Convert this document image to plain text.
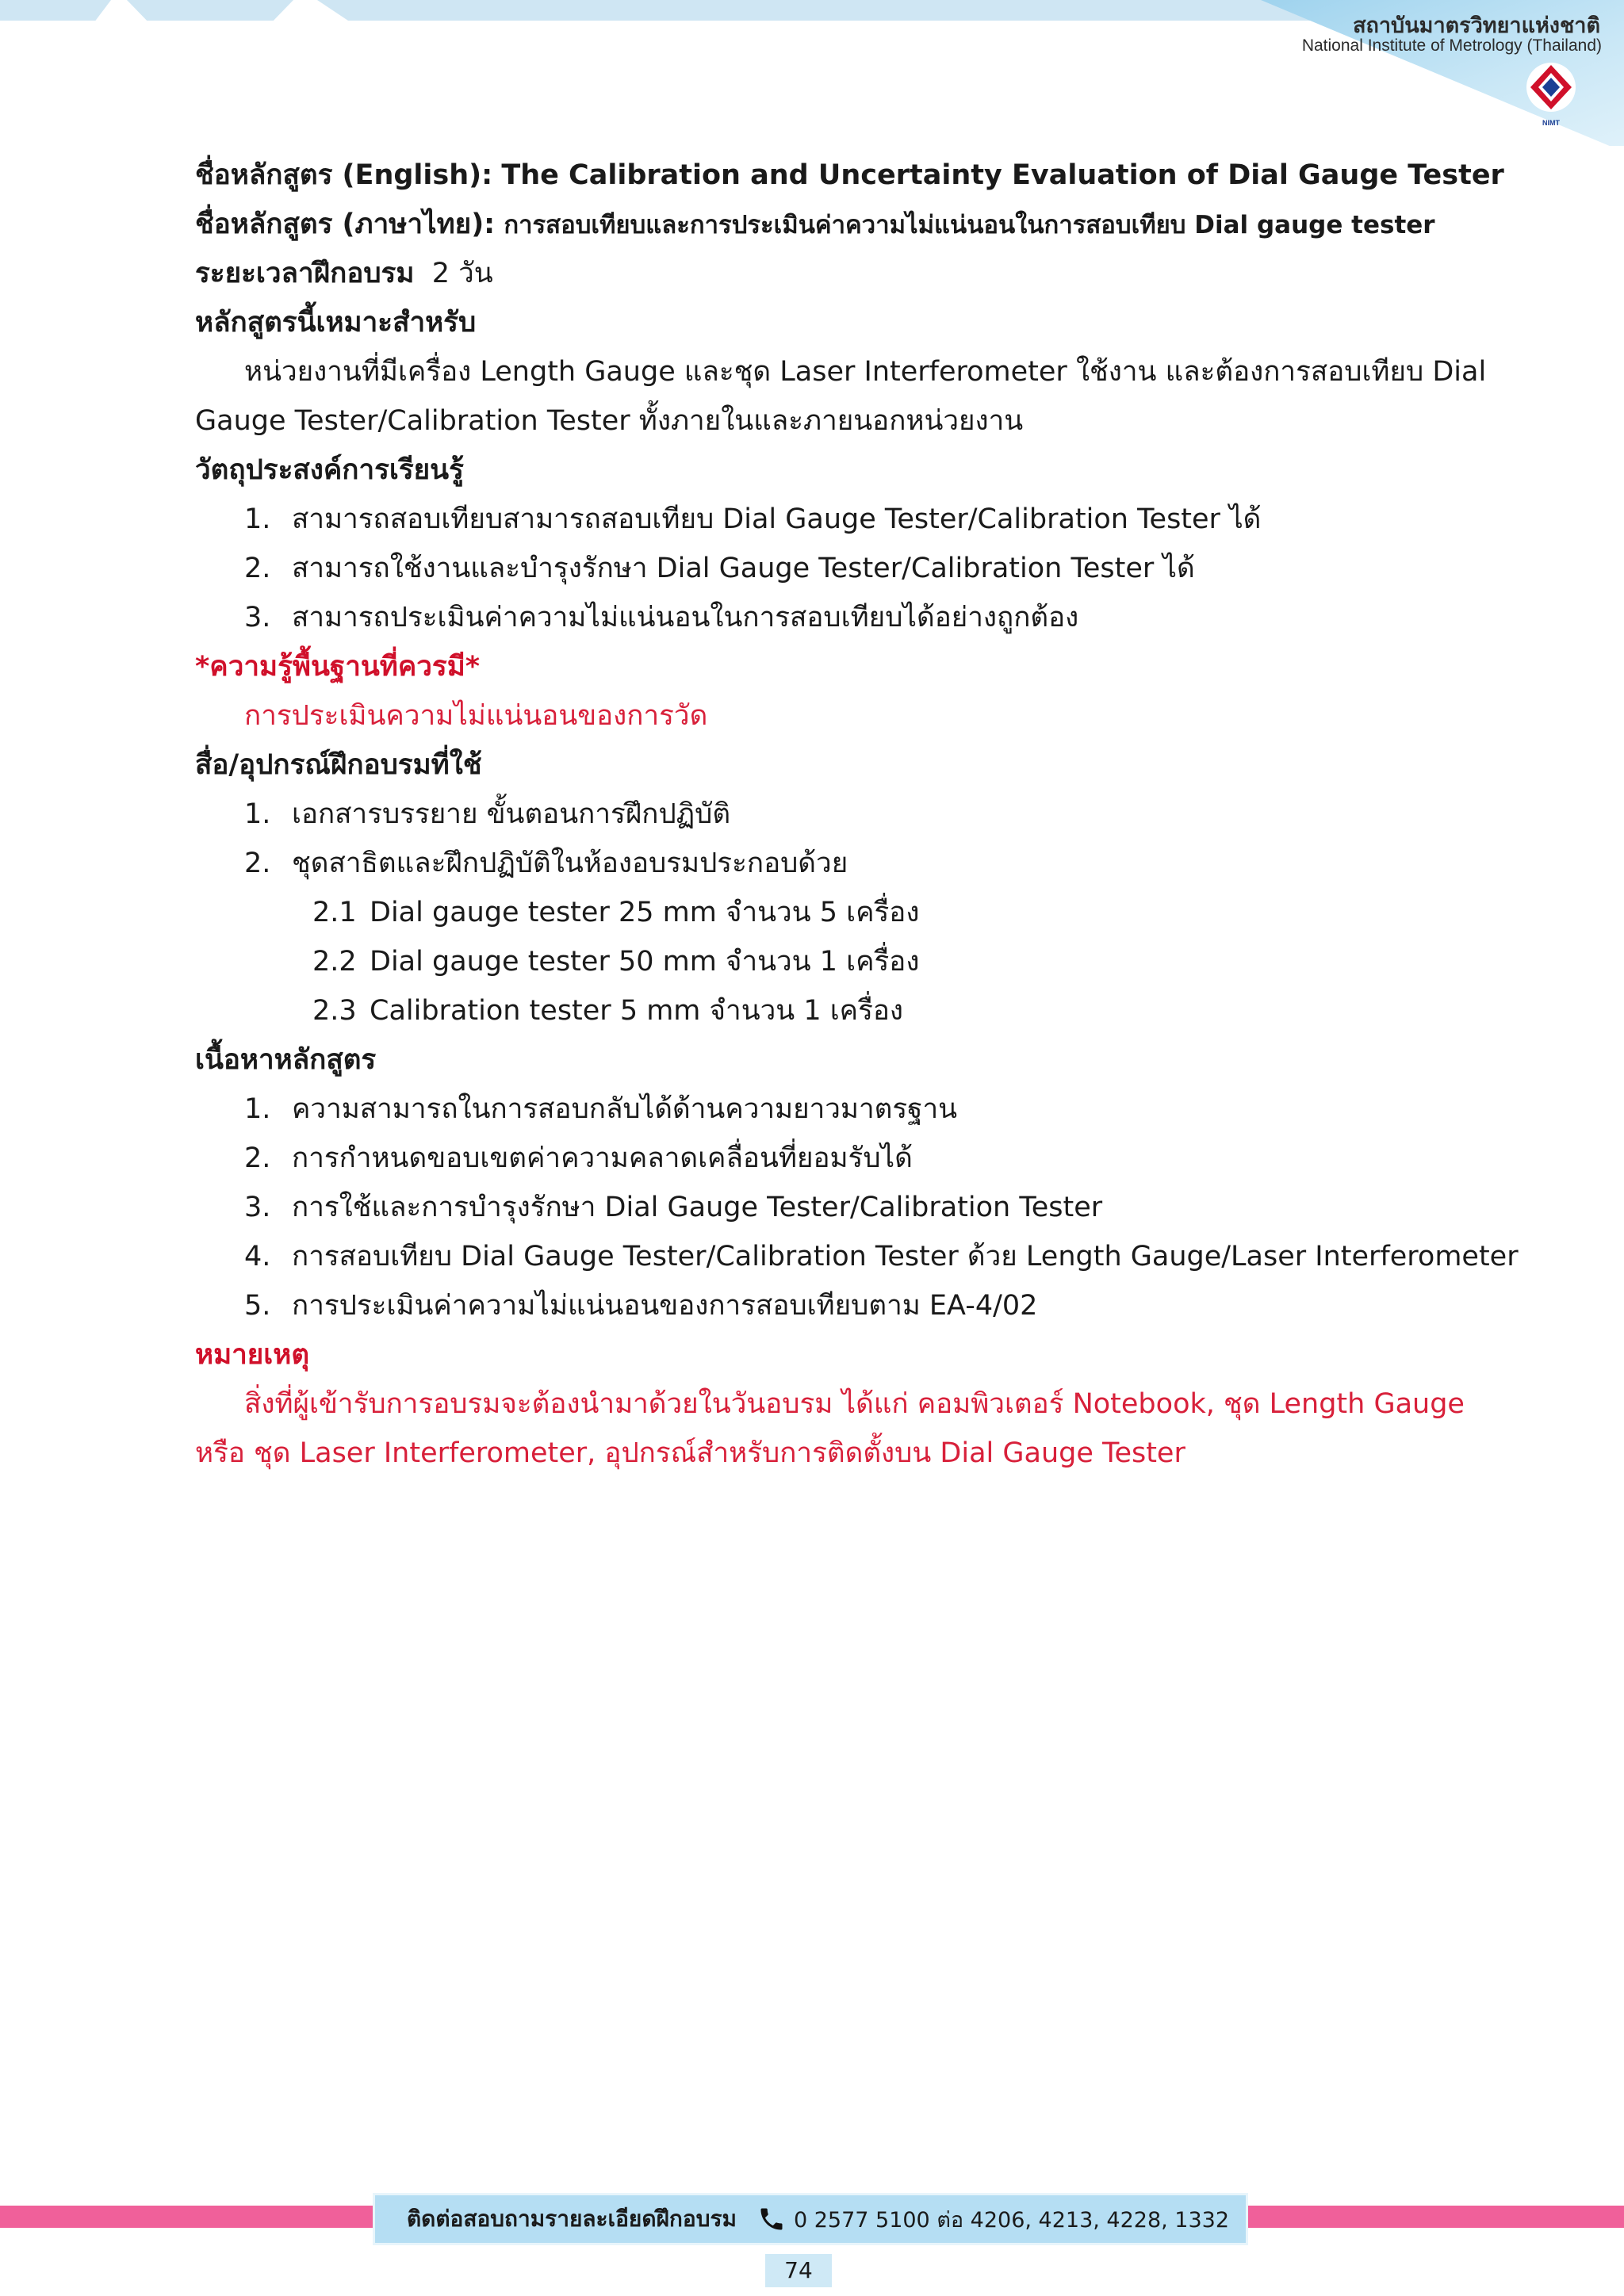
สถาบันมาตรวิทยาแห่งชาติ
National Institute of Metrology (Thailand)
NIMT
ชื่อหลักสูตร (English): The Calibration and Uncertainty Evaluation of Dial Gauge Tester
ชื่อหลักสูตร (ภาษาไทย): การสอบเทียบและการประเมินค่าความไม่แน่นอนในการสอบเทียบ Dial gauge tester
ระยะเวลาฝึกอบรม 2 วัน
หลักสูตรนี้เหมาะสำหรับ
หน่วยงานที่มีเครื่อง Length Gauge และชุด Laser Interferometer ใช้งาน และต้องการสอบเทียบ Dial
Gauge Tester/Calibration Tester ทั้งภายในและภายนอกหน่วยงาน
วัตถุประสงค์การเรียนรู้
1. สามารถสอบเทียบสามารถสอบเทียบ Dial Gauge Tester/Calibration Tester ได้
2. สามารถใช้งานและบำรุงรักษา Dial Gauge Tester/Calibration Tester ได้
3. สามารถประเมินค่าความไม่แน่นอนในการสอบเทียบได้อย่างถูกต้อง
*ความรู้พื้นฐานที่ควรมี*
การประเมินความไม่แน่นอนของการวัด
สื่อ/อุปกรณ์ฝึกอบรมที่ใช้
1. เอกสารบรรยาย ขั้นตอนการฝึกปฏิบัติ
2. ชุดสาธิตและฝึกปฏิบัติในห้องอบรมประกอบด้วย
2.1 Dial gauge tester 25 mm จำนวน 5 เครื่อง
2.2 Dial gauge tester 50 mm จำนวน 1 เครื่อง
2.3 Calibration tester 5 mm จำนวน 1 เครื่อง
เนื้อหาหลักสูตร
1. ความสามารถในการสอบกลับได้ด้านความยาวมาตรฐาน
2. การกำหนดขอบเขตค่าความคลาดเคลื่อนที่ยอมรับได้
3. การใช้และการบำรุงรักษา Dial Gauge Tester/Calibration Tester
4. การสอบเทียบ Dial Gauge Tester/Calibration Tester ด้วย Length Gauge/Laser Interferometer
5. การประเมินค่าความไม่แน่นอนของการสอบเทียบตาม EA-4/02
หมายเหตุ
สิ่งที่ผู้เข้ารับการอบรมจะต้องนำมาด้วยในวันอบรม ได้แก่ คอมพิวเตอร์ Notebook, ชุด Length Gauge
หรือ ชุด Laser Interferometer, อุปกรณ์สำหรับการติดตั้งบน Dial Gauge Tester
ติดต่อสอบถามรายละเอียดฝึกอบรม	0 2577 5100 ต่อ 4206, 4213, 4228, 1332
74
